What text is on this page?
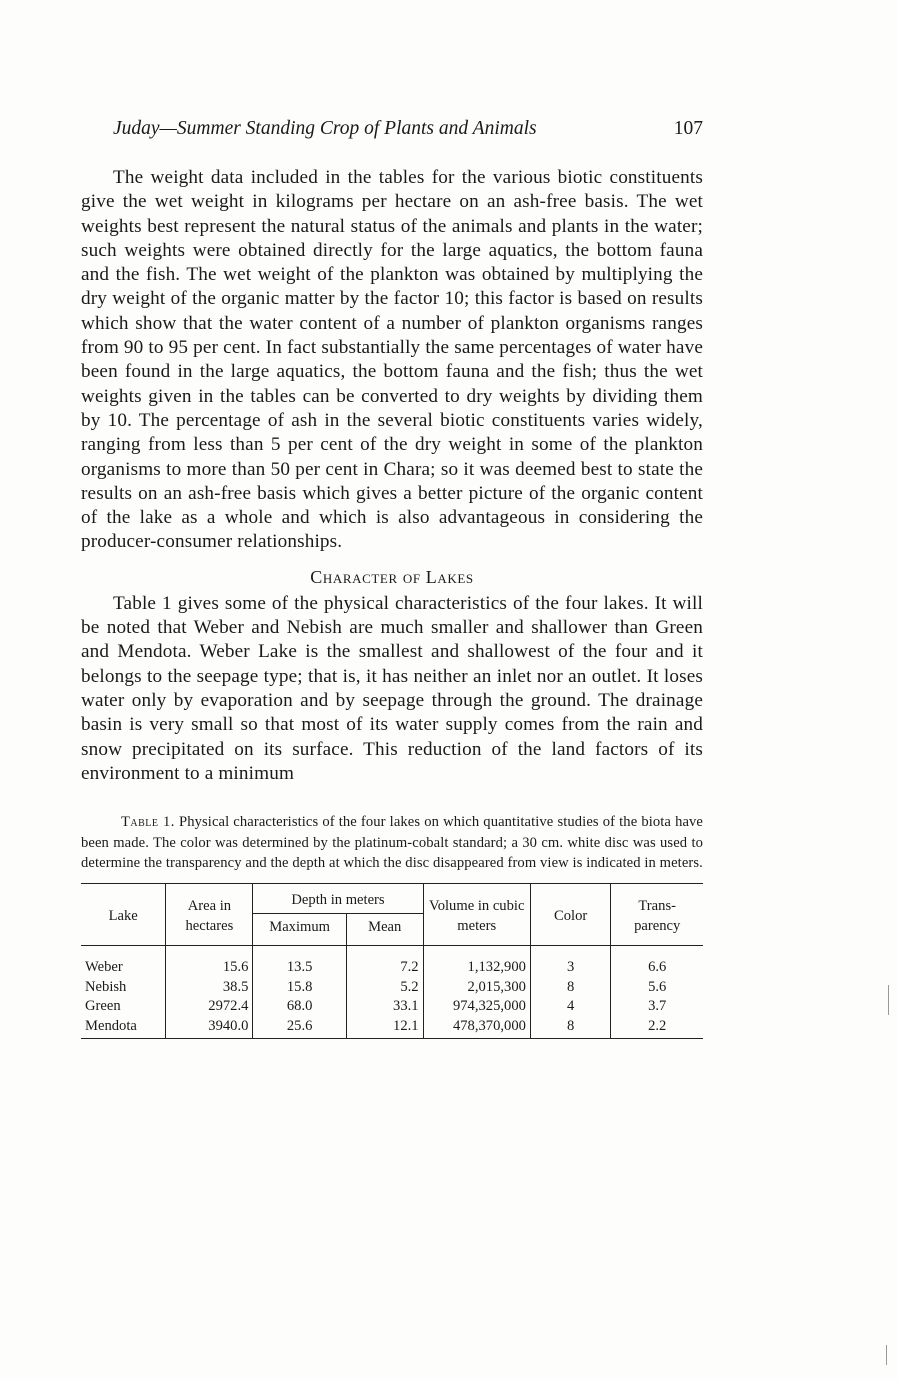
Juday—Summer Standing Crop of Plants and Animals	107

The weight data included in the tables for the various biotic constituents give the wet weight in kilograms per hectare on an ash-free basis. The wet weights best represent the natural status of the animals and plants in the water; such weights were obtained directly for the large aquatics, the bottom fauna and the fish. The wet weight of the plankton was obtained by multiplying the dry weight of the organic matter by the factor 10; this factor is based on results which show that the water content of a number of plankton organisms ranges from 90 to 95 per cent. In fact substantially the same percentages of water have been found in the large aquatics, the bottom fauna and the fish; thus the wet weights given in the tables can be converted to dry weights by dividing them by 10. The percentage of ash in the several biotic constituents varies widely, ranging from less than 5 per cent of the dry weight in some of the plankton organisms to more than 50 per cent in Chara; so it was deemed best to state the results on an ash-free basis which gives a better picture of the organic content of the lake as a whole and which is also advantageous in considering the producer-consumer relationships.

Character of Lakes

Table 1 gives some of the physical characteristics of the four lakes. It will be noted that Weber and Nebish are much smaller and shallower than Green and Mendota. Weber Lake is the smallest and shallowest of the four and it belongs to the seepage type; that is, it has neither an inlet nor an outlet. It loses water only by evaporation and by seepage through the ground. The drainage basin is very small so that most of its water supply comes from the rain and snow precipitated on its surface. This reduction of the land factors of its environment to a minimum

Table 1. Physical characteristics of the four lakes on which quantitative studies of the biota have been made. The color was determined by the platinum-cobalt standard; a 30 cm. white disc was used to determine the transparency and the depth at which the disc disappeared from view is indicated in meters.

Lake	Area in hectares	Depth in meters		Volume in cubic meters	Color	Trans-parency
		Maximum	Mean			
Weber	15.6	13.5	7.2	1,132,900	3	6.6
Nebish	38.5	15.8	5.2	2,015,300	8	5.6
Green	2972.4	68.0	33.1	974,325,000	4	3.7
Mendota	3940.0	25.6	12.1	478,370,000	8	2.2
